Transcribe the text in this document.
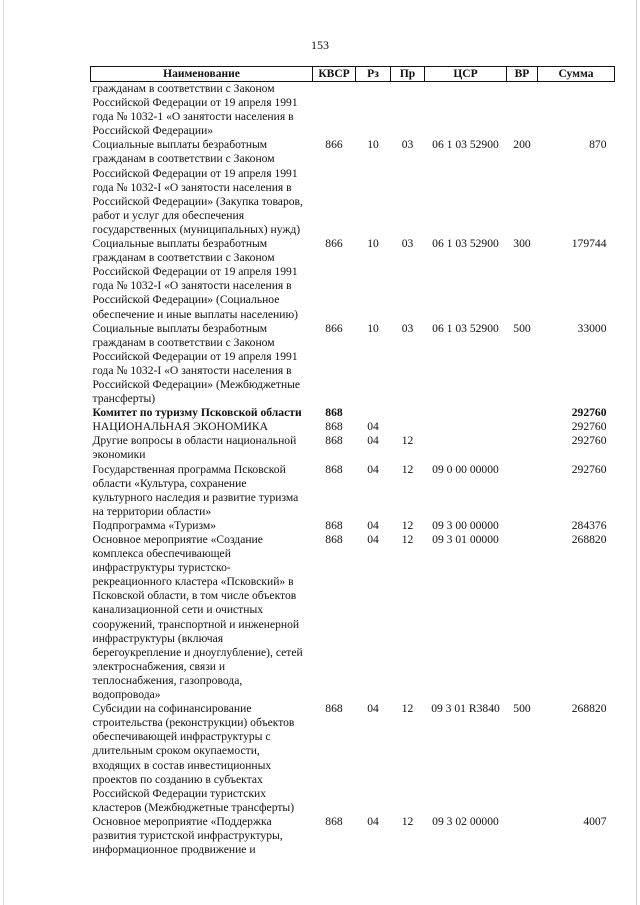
153
Наименование	КВСР	Рз	Пр	ЦСР	ВР	Сумма
гражданам в соответствии с Законом Российской Федерации от 19 апреля 1991 года № 1032-1 «О занятости населения в Российской Федерации»						
Социальные выплаты безработным гражданам в соответствии с Законом Российской Федерации от 19 апреля 1991 года № 1032-I «О занятости населения в Российской Федерации» (Закупка товаров, работ и услуг для обеспечения государственных (муниципальных) нужд)	866	10	03	06 1 03 52900	200	870
Социальные выплаты безработным гражданам в соответствии с Законом Российской Федерации от 19 апреля 1991 года № 1032-I «О занятости населения в Российской Федерации» (Социальное обеспечение и иные выплаты населению)	866	10	03	06 1 03 52900	300	179744
Социальные выплаты безработным гражданам в соответствии с Законом Российской Федерации от 19 апреля 1991 года № 1032-I «О занятости населения в Российской Федерации» (Межбюджетные трансферты)	866	10	03	06 1 03 52900	500	33000
Комитет по туризму Псковской области	868					292760
НАЦИОНАЛЬНАЯ ЭКОНОМИКА	868	04				292760
Другие вопросы в области национальной экономики	868	04	12			292760
Государственная программа Псковской области «Культура, сохранение культурного наследия и развитие туризма на территории области»	868	04	12	09 0 00 00000		292760
Подпрограмма «Туризм»	868	04	12	09 3 00 00000		284376
Основное мероприятие «Создание комплекса обеспечивающей инфраструктуры туристско-рекреационного кластера «Псковский» в Псковской области, в том числе объектов канализационной сети и очистных сооружений, транспортной и инженерной инфраструктуры (включая берегоукрепление и дноуглубление), сетей электроснабжения, связи и теплоснабжения, газопровода, водопровода»	868	04	12	09 3 01 00000		268820
Субсидии на софинансирование строительства (реконструкции) объектов обеспечивающей инфраструктуры с длительным сроком окупаемости, входящих в состав инвестиционных проектов по созданию в субъектах Российской Федерации туристских кластеров (Межбюджетные трансферты)	868	04	12	09 3 01 R3840	500	268820
Основное мероприятие «Поддержка развития туристской инфраструктуры, информационное продвижение и	868	04	12	09 3 02 00000		4007
